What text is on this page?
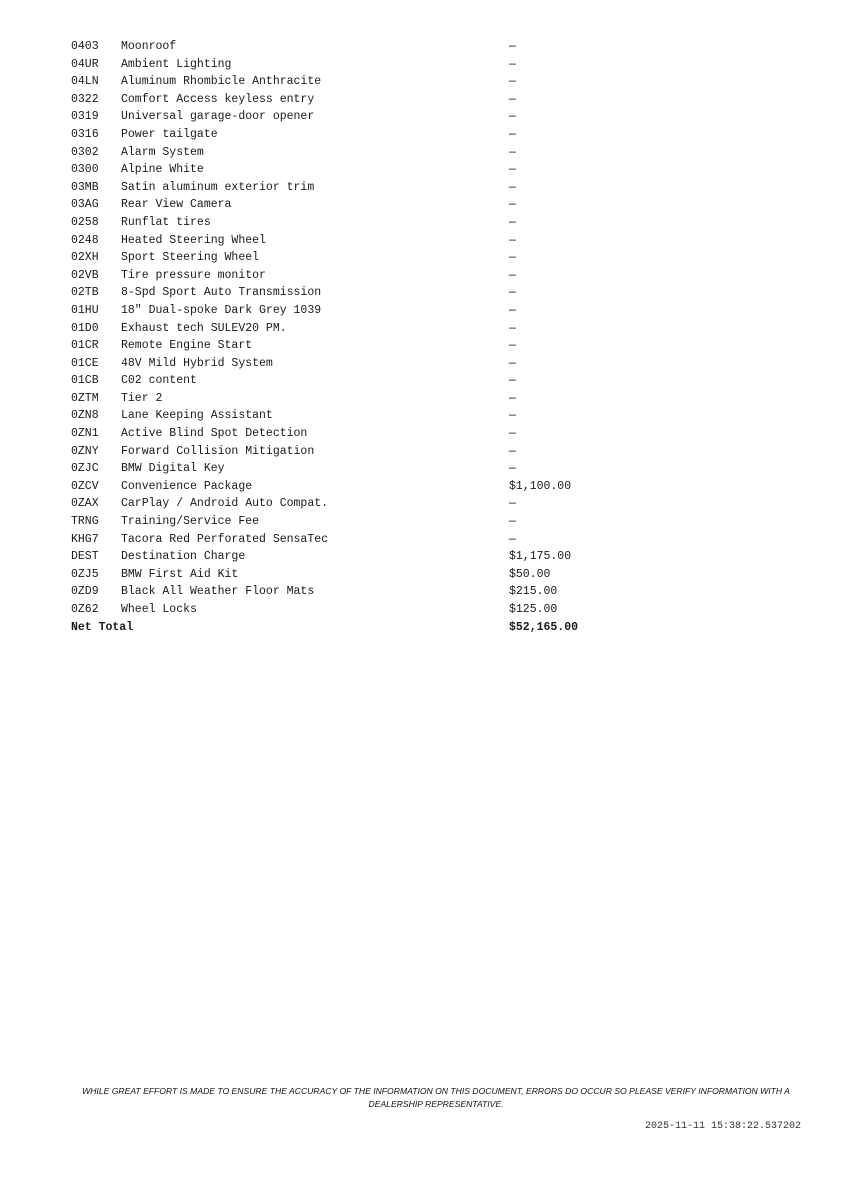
0403 Moonroof	—
04UR Ambient Lighting	—
04LN Aluminum Rhombicle Anthracite	—
0322 Comfort Access keyless entry	—
0319 Universal garage-door opener	—
0316 Power tailgate	—
0302 Alarm System	—
0300 Alpine White	—
03MB Satin aluminum exterior trim	—
03AG Rear View Camera	—
0258 Runflat tires	—
0248 Heated Steering Wheel	—
02XH Sport Steering Wheel	—
02VB Tire pressure monitor	—
02TB 8-Spd Sport Auto Transmission	—
01HU 18" Dual-spoke Dark Grey 1039	—
01D0 Exhaust tech SULEV20 PM.	—
01CR Remote Engine Start	—
01CE 48V Mild Hybrid System	—
01CB C02 content	—
0ZTM Tier 2	—
0ZN8 Lane Keeping Assistant	—
0ZN1 Active Blind Spot Detection	—
0ZNY Forward Collision Mitigation	—
0ZJC BMW Digital Key	—
0ZCV Convenience Package	$1,100.00
0ZAX CarPlay / Android Auto Compat.	—
TRNG Training/Service Fee	—
KHG7 Tacora Red Perforated SensaTec	—
DEST Destination Charge	$1,175.00
0ZJ5 BMW First Aid Kit	$50.00
0ZD9 Black All Weather Floor Mats	$215.00
0Z62 Wheel Locks	$125.00
Net Total	$52,165.00
WHILE GREAT EFFORT IS MADE TO ENSURE THE ACCURACY OF THE INFORMATION ON THIS DOCUMENT, ERRORS DO OCCUR SO PLEASE VERIFY INFORMATION WITH A DEALERSHIP REPRESENTATIVE.
2025-11-11 15:38:22.537202
